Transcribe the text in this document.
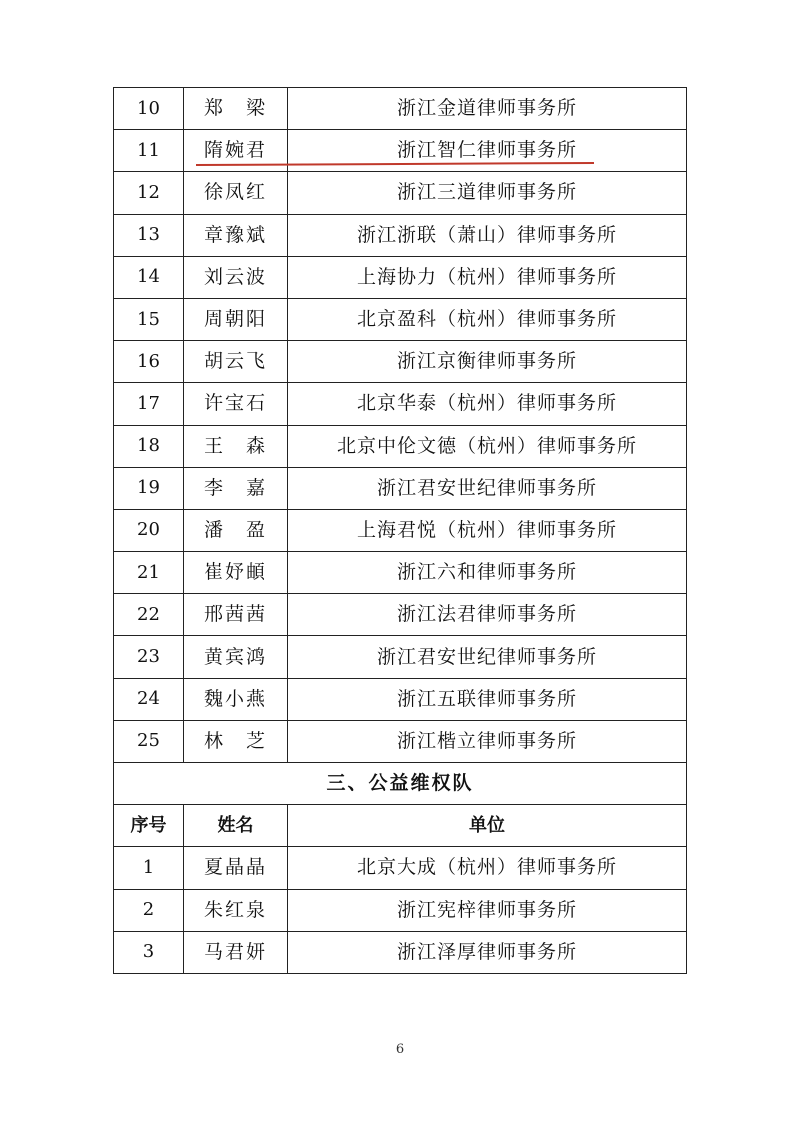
10	郑　梁	浙江金道律师事务所
11	隋婉君	浙江智仁律师事务所
12	徐凤红	浙江三道律师事务所
13	章豫斌	浙江浙联（萧山）律师事务所
14	刘云波	上海协力（杭州）律师事务所
15	周朝阳	北京盈科（杭州）律师事务所
16	胡云飞	浙江京衡律师事务所
17	许宝石	北京华泰（杭州）律师事务所
18	王　森	北京中伦文德（杭州）律师事务所
19	李　嘉	浙江君安世纪律师事务所
20	潘　盈	上海君悦（杭州）律师事务所
21	崔妤頔	浙江六和律师事务所
22	邢茜茜	浙江法君律师事务所
23	黄宾鸿	浙江君安世纪律师事务所
24	魏小燕	浙江五联律师事务所
25	林　芝	浙江楷立律师事务所
三、公益维权队		
序号	姓名	单位
1	夏晶晶	北京大成（杭州）律师事务所
2	朱红泉	浙江宪梓律师事务所
3	马君妍	浙江泽厚律师事务所
6
